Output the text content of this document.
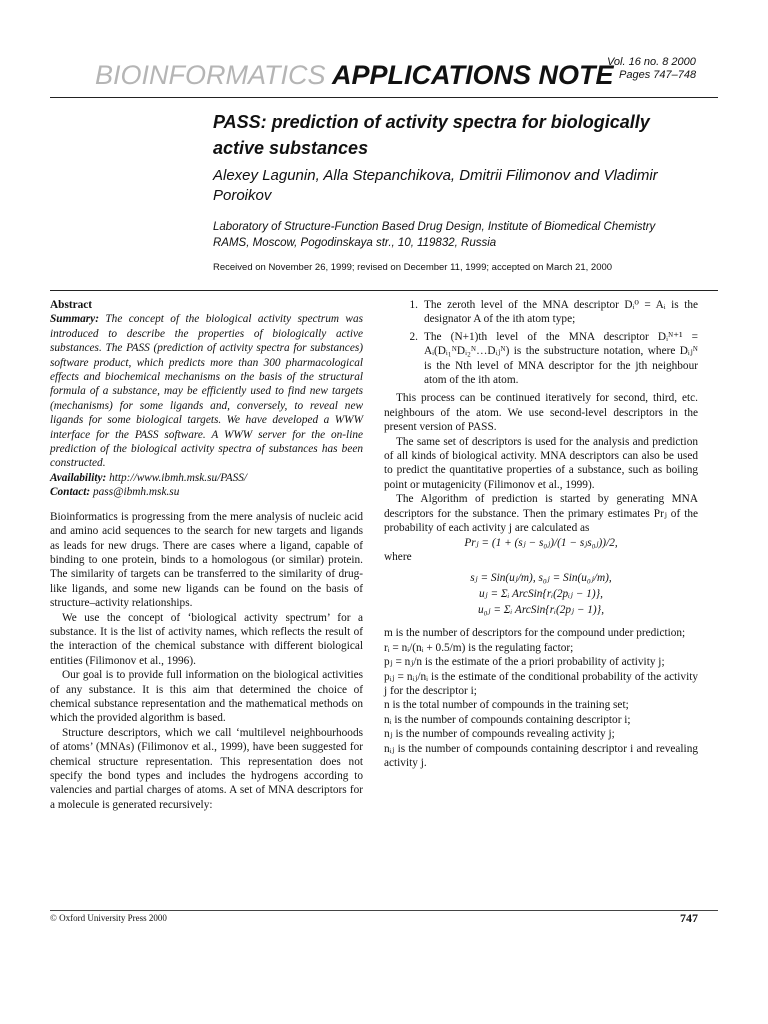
BIOINFORMATICS APPLICATIONS NOTE
Vol. 16 no. 8 2000
Pages 747–748
PASS: prediction of activity spectra for biologically active substances

Alexey Lagunin, Alla Stepanchikova, Dmitrii Filimonov and Vladimir Poroikov

Laboratory of Structure-Function Based Drug Design, Institute of Biomedical Chemistry RAMS, Moscow, Pogodinskaya str., 10, 119832, Russia

Received on November 26, 1999; revised on December 11, 1999; accepted on March 21, 2000

Abstract

Summary: The concept of the biological activity spectrum was introduced to describe the properties of biologically active substances. The PASS (prediction of activity spectra for substances) software product, which predicts more than 300 pharmacological effects and biochemical mechanisms on the basis of the structural formula of a substance, may be efficiently used to find new targets (mechanisms) for some ligands and, conversely, to reveal new ligands for some biological targets. We have developed a WWW interface for the PASS software. A WWW server for the on-line prediction of the biological activity spectra of substances has been constructed.

Availability: http://www.ibmh.msk.su/PASS/

Contact: pass@ibmh.msk.su

Bioinformatics is progressing from the mere analysis of nucleic acid and amino acid sequences to the search for new targets and ligands as leads for new drugs. There are cases where a ligand, capable of binding to one protein, binds to a homologous (or similar) protein. The similarity of targets can be transferred to the similarity of drug-like ligands, and some new ligands can be found on the basis of structure–activity relationships.

We use the concept of ‘biological activity spectrum’ for a substance. It is the list of activity names, which reflects the result of the interaction of the chemical substance with different biological entities (Filimonov et al., 1996).

Our goal is to provide full information on the biological activities of any substance. It is this aim that determined the choice of chemical substance representation and the mathematical methods on which the provided algorithm is based.

Structure descriptors, which we call ‘multilevel neighbourhoods of atoms’ (MNAs) (Filimonov et al., 1999), have been suggested for chemical structure representation. This representation does not specify the bond types and includes the hydrogens according to valencies and partial charges of atoms. A set of MNA descriptors for a molecule is generated recursively:

1. The zeroth level of the MNA descriptor Dᵢ⁰ = Aᵢ is the designator A of the ith atom type;
2. The (N+1)th level of the MNA descriptor Dᵢᴺ⁺¹ = Aᵢ(Dᵢ₁ᴺDᵢ₂ᴺ…Dᵢⱼᴺ) is the substructure notation, where Dᵢⱼᴺ is the Nth level of MNA descriptor for the jth neighbour atom of the ith atom.

This process can be continued iteratively for second, third, etc. neighbours of the atom. We use second-level descriptors in the present version of PASS.

The same set of descriptors is used for the analysis and prediction of all kinds of biological activity. MNA descriptors can also be used to predict the quantitative properties of a substance, such as boiling point or mutagenicity (Filimonov et al., 1999).

The Algorithm of prediction is started by generating MNA descriptors for the substance. Then the primary estimates Prⱼ of the probability of each activity j are calculated as

Prⱼ = (1 + (sⱼ − s₀ⱼ)/(1 − sⱼs₀ⱼ))/2,

where

sⱼ = Sin(uⱼ/m), s₀ⱼ = Sin(u₀ⱼ/m),
uⱼ = Σᵢ ArcSin{rᵢ(2pᵢⱼ − 1)},
u₀ⱼ = Σᵢ ArcSin{rᵢ(2pⱼ − 1)},

m is the number of descriptors for the compound under prediction;

rᵢ = nᵢ/(nᵢ + 0.5/m) is the regulating factor;

pⱼ = nⱼ/n is the estimate of the a priori probability of activity j;

pᵢⱼ = nᵢⱼ/nᵢ is the estimate of the conditional probability of the activity j for the descriptor i;

n is the total number of compounds in the training set;

nᵢ is the number of compounds containing descriptor i;

nⱼ is the number of compounds revealing activity j;

nᵢⱼ is the number of compounds containing descriptor i and revealing activity j.

© Oxford University Press 2000	747
